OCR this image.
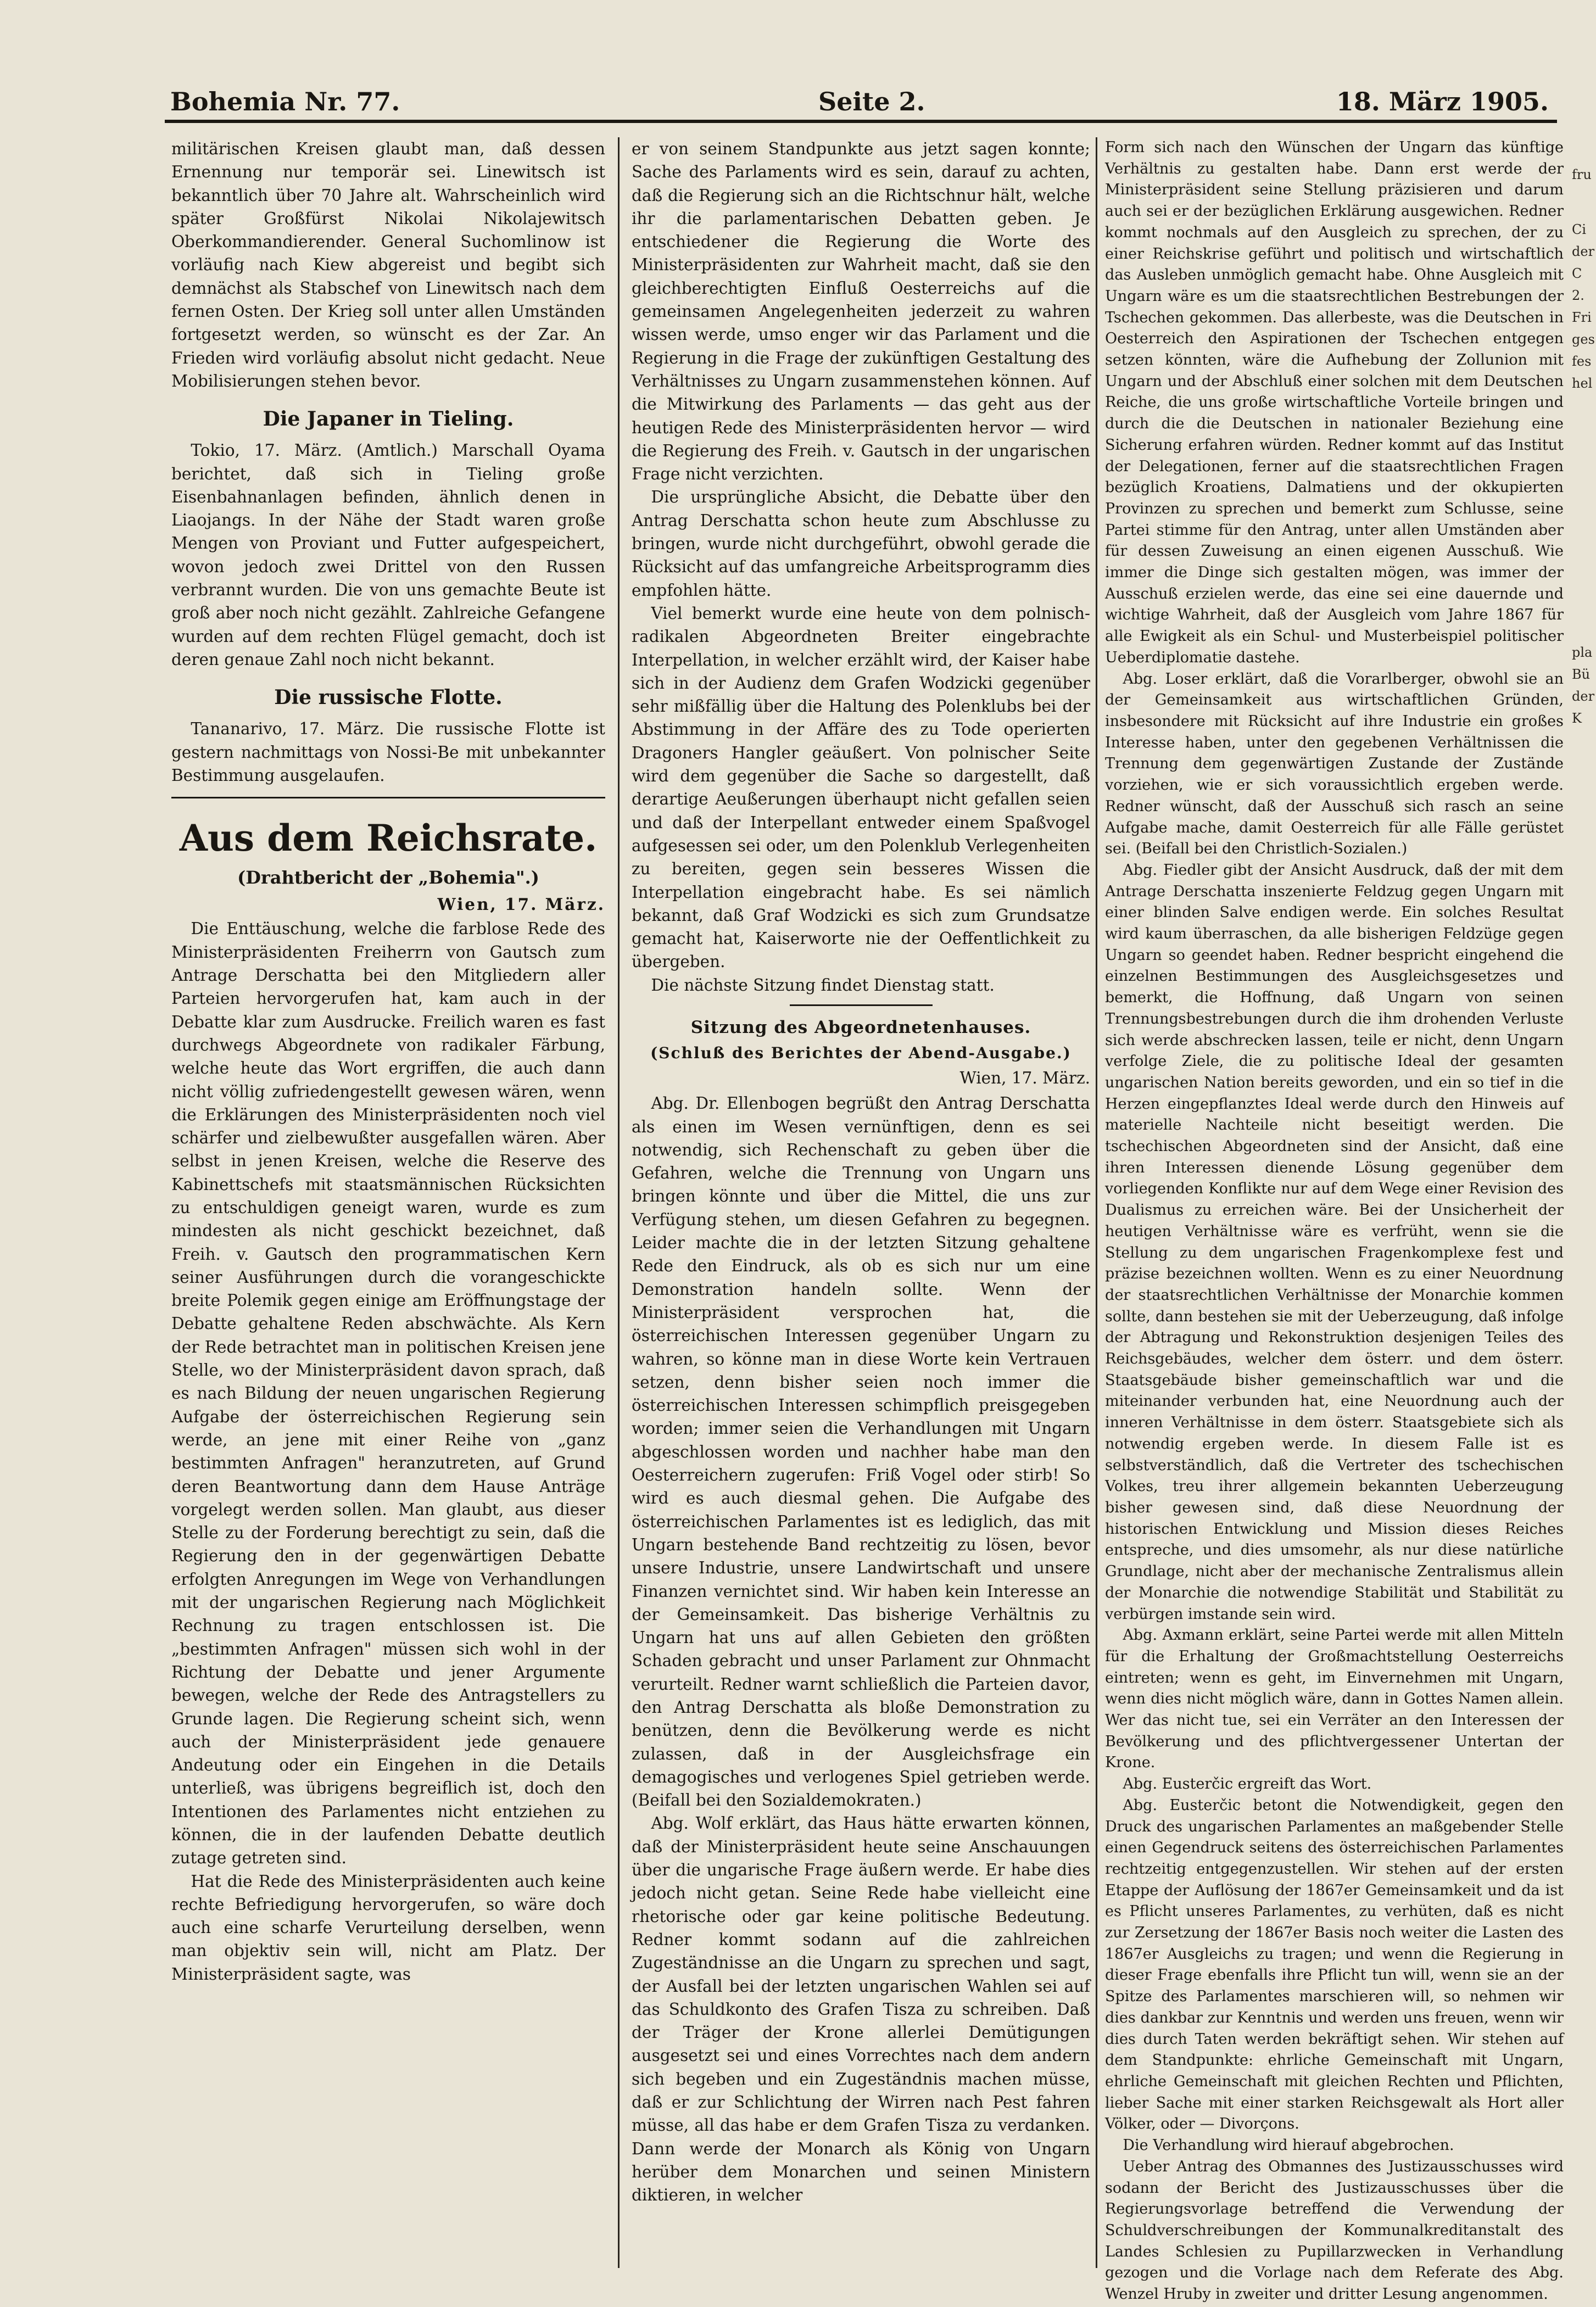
Bohemia Nr. 77.	Seite 2.	18. März 1905.

militärischen Kreisen glaubt man, daß dessen Ernennung nur temporär sei. Linewitsch ist bekanntlich über 70 Jahre alt. Wahrscheinlich wird später Großfürst Nikolai Nikolajewitsch Oberkommandierender. General Suchomlinow ist vorläufig nach Kiew abgereist und begibt sich demnächst als Stabschef von Linewitsch nach dem fernen Osten. Der Krieg soll unter allen Umständen fortgesetzt werden, so wünscht es der Zar. An Frieden wird vorläufig absolut nicht gedacht. Neue Mobilisierungen stehen bevor.

Die Japaner in Tieling.

Tokio, 17. März. (Amtlich.) Marschall Oyama berichtet, daß sich in Tieling große Eisenbahnanlagen befinden, ähnlich denen in Liaojangs. In der Nähe der Stadt waren große Mengen von Proviant und Futter aufgespeichert, wovon jedoch zwei Drittel von den Russen verbrannt wurden. Die von uns gemachte Beute ist groß aber noch nicht gezählt. Zahlreiche Gefangene wurden auf dem rechten Flügel gemacht, doch ist deren genaue Zahl noch nicht bekannt.

Die russische Flotte.

Tananarivo, 17. März. Die russische Flotte ist gestern nachmittags von Nossi-Be mit unbekannter Bestimmung ausgelaufen.

Aus dem Reichsrate.
(Drahtbericht der „Bohemia".)
Wien, 17. März.

Die Enttäuschung, welche die farblose Rede des Ministerpräsidenten Freiherrn von Gautsch zum Antrage Derschatta bei den Mitgliedern aller Parteien hervorgerufen hat, kam auch in der Debatte klar zum Ausdrucke. Freilich waren es fast durchwegs Abgeordnete von radikaler Färbung, welche heute das Wort ergriffen, die auch dann nicht völlig zufriedengestellt gewesen wären, wenn die Erklärungen des Ministerpräsidenten noch viel schärfer und zielbewußter ausgefallen wären. Aber selbst in jenen Kreisen, welche die Reserve des Kabinettschefs mit staatsmännischen Rücksichten zu entschuldigen geneigt waren, wurde es zum mindesten als nicht geschickt bezeichnet, daß Freih. v. Gautsch den programmatischen Kern seiner Ausführungen durch die vorangeschickte breite Polemik gegen einige am Eröffnungstage der Debatte gehaltene Reden abschwächte. Als Kern der Rede betrachtet man in politischen Kreisen jene Stelle, wo der Ministerpräsident davon sprach, daß es nach Bildung der neuen ungarischen Regierung Aufgabe der österreichischen Regierung sein werde, an jene mit einer Reihe von „ganz bestimmten Anfragen" heranzutreten, auf Grund deren Beantwortung dann dem Hause Anträge vorgelegt werden sollen. Man glaubt, aus dieser Stelle zu der Forderung berechtigt zu sein, daß die Regierung den in der gegenwärtigen Debatte erfolgten Anregungen im Wege von Verhandlungen mit der ungarischen Regierung nach Möglichkeit Rechnung zu tragen entschlossen ist. Die „bestimmten Anfragen" müssen sich wohl in der Richtung der Debatte und jener Argumente bewegen, welche der Rede des Antragstellers zu Grunde lagen. Die Regierung scheint sich, wenn auch der Ministerpräsident jede genauere Andeutung oder ein Eingehen in die Details unterließ, was übrigens begreiflich ist, doch den Intentionen des Parlamentes nicht entziehen zu können, die in der laufenden Debatte deutlich zutage getreten sind.

Hat die Rede des Ministerpräsidenten auch keine rechte Befriedigung hervorgerufen, so wäre doch auch eine scharfe Verurteilung derselben, wenn man objektiv sein will, nicht am Platz. Der Ministerpräsident sagte, was

er von seinem Standpunkte aus jetzt sagen konnte; Sache des Parlaments wird es sein, darauf zu achten, daß die Regierung sich an die Richtschnur hält, welche ihr die parlamentarischen Debatten geben. Je entschiedener die Regierung die Worte des Ministerpräsidenten zur Wahrheit macht, daß sie den gleichberechtigten Einfluß Oesterreichs auf die gemeinsamen Angelegenheiten jederzeit zu wahren wissen werde, umso enger wir das Parlament und die Regierung in die Frage der zukünftigen Gestaltung des Verhältnisses zu Ungarn zusammenstehen können. Auf die Mitwirkung des Parlaments — das geht aus der heutigen Rede des Ministerpräsidenten hervor — wird die Regierung des Freih. v. Gautsch in der ungarischen Frage nicht verzichten.

Die ursprüngliche Absicht, die Debatte über den Antrag Derschatta schon heute zum Abschlusse zu bringen, wurde nicht durchgeführt, obwohl gerade die Rücksicht auf das umfangreiche Arbeitsprogramm dies empfohlen hätte.

Viel bemerkt wurde eine heute von dem polnisch-radikalen Abgeordneten Breiter eingebrachte Interpellation, in welcher erzählt wird, der Kaiser habe sich in der Audienz dem Grafen Wodzicki gegenüber sehr mißfällig über die Haltung des Polenklubs bei der Abstimmung in der Affäre des zu Tode operierten Dragoners Hangler geäußert. Von polnischer Seite wird dem gegenüber die Sache so dargestellt, daß derartige Aeußerungen überhaupt nicht gefallen seien und daß der Interpellant entweder einem Spaßvogel aufgesessen sei oder, um den Polenklub Verlegenheiten zu bereiten, gegen sein besseres Wissen die Interpellation eingebracht habe. Es sei nämlich bekannt, daß Graf Wodzicki es sich zum Grundsatze gemacht hat, Kaiserworte nie der Oeffentlichkeit zu übergeben.

Die nächste Sitzung findet Dienstag statt.

Sitzung des Abgeordnetenhauses.
(Schluß des Berichtes der Abend-Ausgabe.)
Wien, 17. März.

Abg. Dr. Ellenbogen begrüßt den Antrag Derschatta als einen im Wesen vernünftigen, denn es sei notwendig, sich Rechenschaft zu geben über die Gefahren, welche die Trennung von Ungarn uns bringen könnte und über die Mittel, die uns zur Verfügung stehen, um diesen Gefahren zu begegnen. Leider machte die in der letzten Sitzung gehaltene Rede den Eindruck, als ob es sich nur um eine Demonstration handeln sollte. Wenn der Ministerpräsident versprochen hat, die österreichischen Interessen gegenüber Ungarn zu wahren, so könne man in diese Worte kein Vertrauen setzen, denn bisher seien noch immer die österreichischen Interessen schimpflich preisgegeben worden; immer seien die Verhandlungen mit Ungarn abgeschlossen worden und nachher habe man den Oesterreichern zugerufen: Friß Vogel oder stirb! So wird es auch diesmal gehen. Die Aufgabe des österreichischen Parlamentes ist es lediglich, das mit Ungarn bestehende Band rechtzeitig zu lösen, bevor unsere Industrie, unsere Landwirtschaft und unsere Finanzen vernichtet sind. Wir haben kein Interesse an der Gemeinsamkeit. Das bisherige Verhältnis zu Ungarn hat uns auf allen Gebieten den größten Schaden gebracht und unser Parlament zur Ohnmacht verurteilt. Redner warnt schließlich die Parteien davor, den Antrag Derschatta als bloße Demonstration zu benützen, denn die Bevölkerung werde es nicht zulassen, daß in der Ausgleichsfrage ein demagogisches und verlogenes Spiel getrieben werde. (Beifall bei den Sozialdemokraten.)

Abg. Wolf erklärt, das Haus hätte erwarten können, daß der Ministerpräsident heute seine Anschauungen über die ungarische Frage äußern werde. Er habe dies jedoch nicht getan. Seine Rede habe vielleicht eine rhetorische oder gar keine politische Bedeutung. Redner kommt sodann auf die zahlreichen Zugeständnisse an die Ungarn zu sprechen und sagt, der Ausfall bei der letzten ungarischen Wahlen sei auf das Schuldkonto des Grafen Tisza zu schreiben. Daß der Träger der Krone allerlei Demütigungen ausgesetzt sei und eines Vorrechtes nach dem andern sich begeben und ein Zugeständnis machen müsse, daß er zur Schlichtung der Wirren nach Pest fahren müsse, all das habe er dem Grafen Tisza zu verdanken. Dann werde der Monarch als König von Ungarn herüber dem Monarchen und seinen Ministern diktieren, in welcher

Form sich nach den Wünschen der Ungarn das künftige Verhältnis zu gestalten habe. Dann erst werde der Ministerpräsident seine Stellung präzisieren und darum auch sei er der bezüglichen Erklärung ausgewichen. Redner kommt nochmals auf den Ausgleich zu sprechen, der zu einer Reichskrise geführt und politisch und wirtschaftlich das Ausleben unmöglich gemacht habe. Ohne Ausgleich mit Ungarn wäre es um die staatsrechtlichen Bestrebungen der Tschechen gekommen. Das allerbeste, was die Deutschen in Oesterreich den Aspirationen der Tschechen entgegen setzen könnten, wäre die Aufhebung der Zollunion mit Ungarn und der Abschluß einer solchen mit dem Deutschen Reiche, die uns große wirtschaftliche Vorteile bringen und durch die die Deutschen in nationaler Beziehung eine Sicherung erfahren würden. Redner kommt auf das Institut der Delegationen, ferner auf die staatsrechtlichen Fragen bezüglich Kroatiens, Dalmatiens und der okkupierten Provinzen zu sprechen und bemerkt zum Schlusse, seine Partei stimme für den Antrag, unter allen Umständen aber für dessen Zuweisung an einen eigenen Ausschuß. Wie immer die Dinge sich gestalten mögen, was immer der Ausschuß erzielen werde, das eine sei eine dauernde und wichtige Wahrheit, daß der Ausgleich vom Jahre 1867 für alle Ewigkeit als ein Schul- und Musterbeispiel politischer Ueberdiplomatie dastehe.

Abg. Loser erklärt, daß die Vorarlberger, obwohl sie an der Gemeinsamkeit aus wirtschaftlichen Gründen, insbesondere mit Rücksicht auf ihre Industrie ein großes Interesse haben, unter den gegebenen Verhältnissen die Trennung dem gegenwärtigen Zustande der Zustände vorziehen, wie er sich voraussichtlich ergeben werde. Redner wünscht, daß der Ausschuß sich rasch an seine Aufgabe mache, damit Oesterreich für alle Fälle gerüstet sei. (Beifall bei den Christlich-Sozialen.)

Abg. Fiedler gibt der Ansicht Ausdruck, daß der mit dem Antrage Derschatta inszenierte Feldzug gegen Ungarn mit einer blinden Salve endigen werde. Ein solches Resultat wird kaum überraschen, da alle bisherigen Feldzüge gegen Ungarn so geendet haben. Redner bespricht eingehend die einzelnen Bestimmungen des Ausgleichsgesetzes und bemerkt, die Hoffnung, daß Ungarn von seinen Trennungsbestrebungen durch die ihm drohenden Verluste sich werde abschrecken lassen, teile er nicht, denn Ungarn verfolge Ziele, die zu politische Ideal der gesamten ungarischen Nation bereits geworden, und ein so tief in die Herzen eingepflanztes Ideal werde durch den Hinweis auf materielle Nachteile nicht beseitigt werden. Die tschechischen Abgeordneten sind der Ansicht, daß eine ihren Interessen dienende Lösung gegenüber dem vorliegenden Konflikte nur auf dem Wege einer Revision des Dualismus zu erreichen wäre. Bei der Unsicherheit der heutigen Verhältnisse wäre es verfrüht, wenn sie die Stellung zu dem ungarischen Fragenkomplexe fest und präzise bezeichnen wollten. Wenn es zu einer Neuordnung der staatsrechtlichen Verhältnisse der Monarchie kommen sollte, dann bestehen sie mit der Ueberzeugung, daß infolge der Abtragung und Rekonstruktion desjenigen Teiles des Reichsgebäudes, welcher dem österr. und dem österr. Staatsgebäude bisher gemeinschaftlich war und die miteinander verbunden hat, eine Neuordnung auch der inneren Verhältnisse in dem österr. Staatsgebiete sich als notwendig ergeben werde. In diesem Falle ist es selbstverständlich, daß die Vertreter des tschechischen Volkes, treu ihrer allgemein bekannten Ueberzeugung bisher gewesen sind, daß diese Neuordnung der historischen Entwicklung und Mission dieses Reiches entspreche, und dies umsomehr, als nur diese natürliche Grundlage, nicht aber der mechanische Zentralismus allein der Monarchie die notwendige Stabilität und Stabilität zu verbürgen imstande sein wird.

Abg. Axmann erklärt, seine Partei werde mit allen Mitteln für die Erhaltung der Großmachtstellung Oesterreichs eintreten; wenn es geht, im Einvernehmen mit Ungarn, wenn dies nicht möglich wäre, dann in Gottes Namen allein. Wer das nicht tue, sei ein Verräter an den Interessen der Bevölkerung und des pflichtvergessener Untertan der Krone.

Abg. Eusterčic ergreift das Wort.

Abg. Eusterčic betont die Notwendigkeit, gegen den Druck des ungarischen Parlamentes an maßgebender Stelle einen Gegendruck seitens des österreichischen Parlamentes rechtzeitig entgegenzustellen. Wir stehen auf der ersten Etappe der Auflösung der 1867er Gemeinsamkeit und da ist es Pflicht unseres Parlamentes, zu verhüten, daß es nicht zur Zersetzung der 1867er Basis noch weiter die Lasten des 1867er Ausgleichs zu tragen; und wenn die Regierung in dieser Frage ebenfalls ihre Pflicht tun will, wenn sie an der Spitze des Parlamentes marschieren will, so nehmen wir dies dankbar zur Kenntnis und werden uns freuen, wenn wir dies durch Taten werden bekräftigt sehen. Wir stehen auf dem Standpunkte: ehrliche Gemeinschaft mit Ungarn, ehrliche Gemeinschaft mit gleichen Rechten und Pflichten, lieber Sache mit einer starken Reichsgewalt als Hort aller Völker, oder — Divorçons.

Die Verhandlung wird hierauf abgebrochen.

Ueber Antrag des Obmannes des Justizausschusses wird sodann der Bericht des Justizausschusses über die Regierungsvorlage betreffend die Verwendung der Schuldverschreibungen der Kommunalkreditanstalt des Landes Schlesien zu Pupillarzwecken in Verhandlung gezogen und die Vorlage nach dem Referate des Abg. Wenzel Hruby in zweiter und dritter Lesung angenommen.

fru
Ci
der
C
2.
Fri
ges
fes
hel
pla
Bü
der
K
